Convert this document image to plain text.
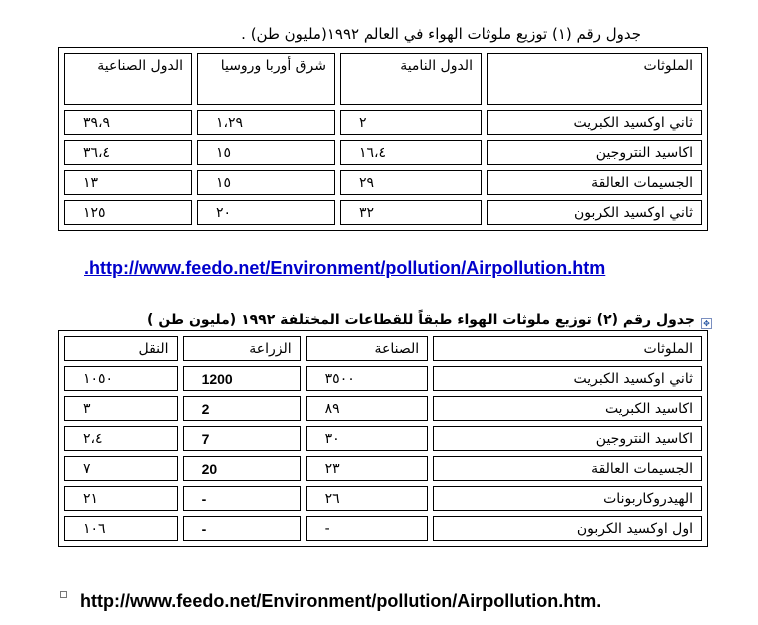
جدول رقم (١) توزيع ملوثات الهواء في العالم ١٩٩٢(مليون طن) .
الملوثات	الدول النامية	شرق أوربا وروسيا	الدول الصناعية
ثاني اوكسيد الكبريت	٢	١،٢٩	٣٩،٩
اكاسيد النتروجين	١٦،٤	١٥	٣٦،٤
الجسيمات العالقة	٢٩	١٥	١٣
ثاني اوكسيد الكربون	٣٢	٢٠	١٢٥
.http://www.feedo.net/Environment/pollution/Airpollution.htm
✥
جدول رقم (٢) توزيع ملوثات الهواء طبقاً للقطاعات المختلفة ١٩٩٢ (مليون طن )
الملوثات	الصناعة	الزراعة	النقل
ثاني اوكسيد الكبريت	٣٥٠٠	1200	١٠٥٠
اكاسيد الكبريت	٨٩	2	٣
اكاسيد النتروجين	٣٠	7	٢،٤
الجسيمات العالقة	٢٣	20	٧
الهيدروكاربونات	٢٦	-	٢١
اول اوكسيد الكربون	-	-	١٠٦
http://www.feedo.net/Environment/pollution/Airpollution.htm.
